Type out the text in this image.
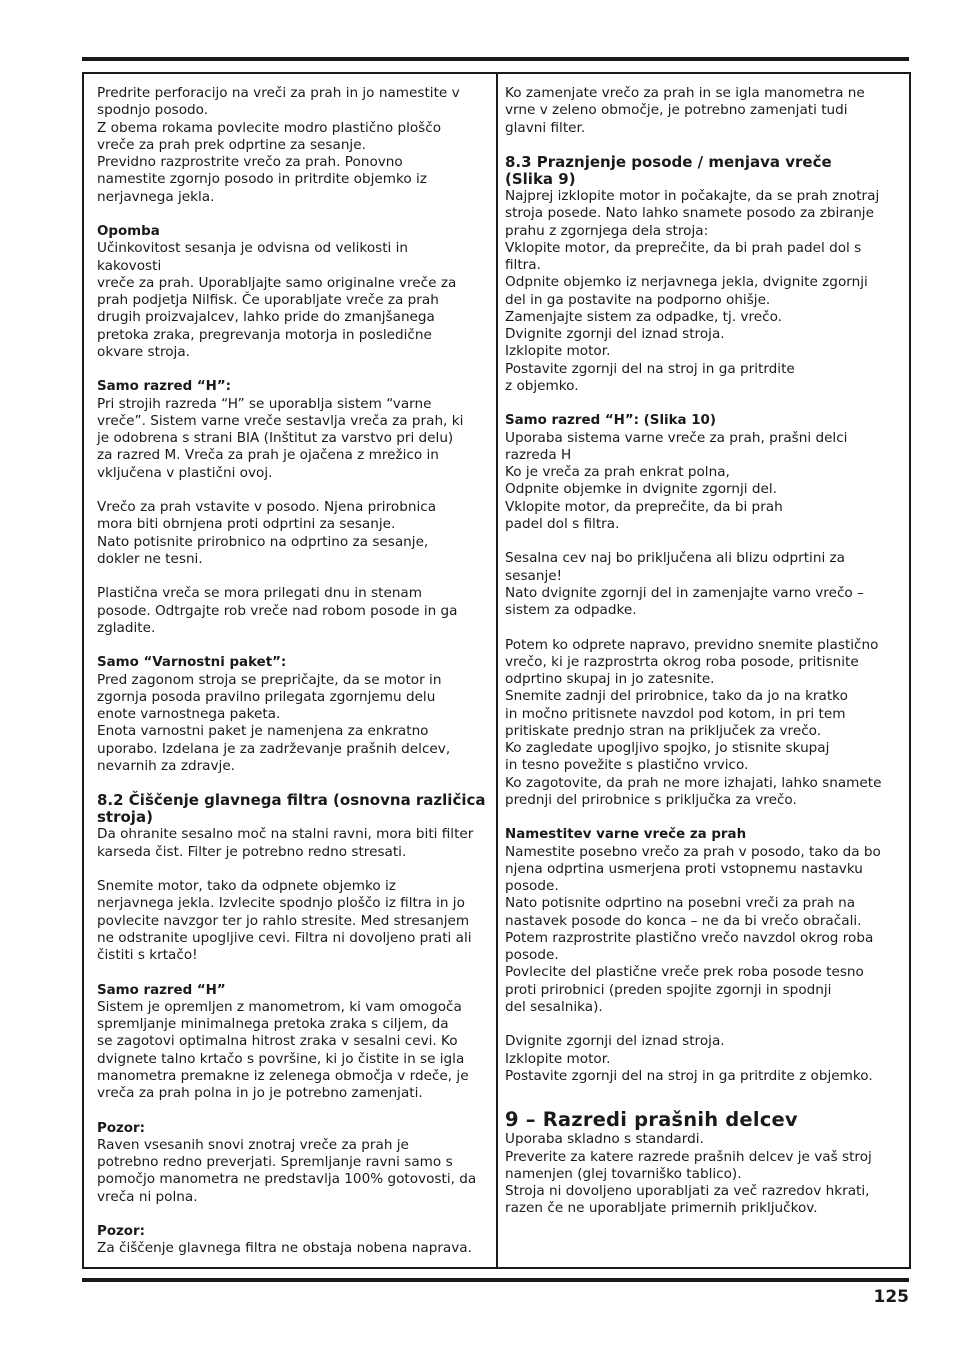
Predrite perforacijo na vreči za prah in jo namestite v
spodnjo posodo.
Z obema rokama povlecite modro plastično ploščo
vreče za prah prek odprtine za sesanje.
Previdno razprostrite vrečo za prah. Ponovno
namestite zgornjo posodo in pritrdite objemko iz
nerjavnega jekla.

Opomba

Učinkovitost sesanja je odvisna od velikosti in
kakovosti
vreče za prah. Uporabljajte samo originalne vreče za
prah podjetja Nilfisk. Če uporabljate vreče za prah
drugih proizvajalcev, lahko pride do zmanjšanega
pretoka zraka, pregrevanja motorja in posledične
okvare stroja.

Samo razred “H”:

Pri strojih razreda “H” se uporablja sistem “varne
vreče”. Sistem varne vreče sestavlja vreča za prah, ki
je odobrena s strani BIA (Inštitut za varstvo pri delu)
za razred M. Vreča za prah je ojačena z mrežico in
vključena v plastični ovoj.

Vrečo za prah vstavite v posodo. Njena prirobnica
mora biti obrnjena proti odprtini za sesanje.
Nato potisnite prirobnico na odprtino za sesanje,
dokler ne tesni.

Plastična vreča se mora prilegati dnu in stenam
posode. Odtrgajte rob vreče nad robom posode in ga
zgladite.

Samo “Varnostni paket”:

Pred zagonom stroja se prepričajte, da se motor in
zgornja posoda pravilno prilegata zgornjemu delu
enote varnostnega paketa.
Enota varnostni paket je namenjena za enkratno
uporabo. Izdelana je za zadrževanje prašnih delcev,
nevarnih za zdravje.

8.2 Čiščenje glavnega filtra (osnovna različica
stroja)

Da ohranite sesalno moč na stalni ravni, mora biti filter
karseda čist. Filter je potrebno redno stresati.

Snemite motor, tako da odpnete objemko iz
nerjavnega jekla. Izvlecite spodnjo ploščo iz filtra in jo
povlecite navzgor ter jo rahlo stresite. Med stresanjem
ne odstranite upogljive cevi. Filtra ni dovoljeno prati ali
čistiti s krtačo!

Samo razred “H”

Sistem je opremljen z manometrom, ki vam omogoča
spremljanje minimalnega pretoka zraka s ciljem, da
se zagotovi optimalna hitrost zraka v sesalni cevi. Ko
dvignete talno krtačo s površine, ki jo čistite in se igla
manometra premakne iz zelenega območja v rdeče, je
vreča za prah polna in jo je potrebno zamenjati.

Pozor:

Raven vsesanih snovi znotraj vreče za prah je
potrebno redno preverjati. Spremljanje ravni samo s
pomočjo manometra ne predstavlja 100% gotovosti, da
vreča ni polna.

Pozor:

Za čiščenje glavnega filtra ne obstaja nobena naprava.

Ko zamenjate vrečo za prah in se igla manometra ne
vrne v zeleno območje, je potrebno zamenjati tudi
glavni filter.

8.3 Praznjenje posode / menjava vreče
(Slika 9)

Najprej izklopite motor in počakajte, da se prah znotraj
stroja posede. Nato lahko snamete posodo za zbiranje
prahu z zgornjega dela stroja:
Vklopite motor, da preprečite, da bi prah padel dol s
filtra.
Odpnite objemko iz nerjavnega jekla, dvignite zgornji
del in ga postavite na podporno ohišje.
Zamenjajte sistem za odpadke, tj. vrečo.
Dvignite zgornji del iznad stroja.
Izklopite motor.
Postavite zgornji del na stroj in ga pritrdite
z objemko.

Samo razred “H”: (Slika 10)

Uporaba sistema varne vreče za prah, prašni delci
razreda H
Ko je vreča za prah enkrat polna,
Odpnite objemke in dvignite zgornji del.
Vklopite motor, da preprečite, da bi prah
padel dol s filtra.

Sesalna cev naj bo priključena ali blizu odprtini za
sesanje!
Nato dvignite zgornji del in zamenjajte varno vrečo –
sistem za odpadke.

Potem ko odprete napravo, previdno snemite plastično
vrečo, ki je razprostrta okrog roba posode, pritisnite
odprtino skupaj in jo zatesnite.
Snemite zadnji del prirobnice, tako da jo na kratko
in močno pritisnete navzdol pod kotom, in pri tem
pritiskate prednjo stran na priključek za vrečo.
Ko zagledate upogljivo spojko, jo stisnite skupaj
in tesno povežite s plastično vrvico.
Ko zagotovite, da prah ne more izhajati, lahko snamete
prednji del prirobnice s priključka za vrečo.

Namestitev varne vreče za prah

Namestite posebno vrečo za prah v posodo, tako da bo
njena odprtina usmerjena proti vstopnemu nastavku
posode.
Nato potisnite odprtino na posebni vreči za prah na
nastavek posode do konca – ne da bi vrečo obračali.
Potem razprostrite plastično vrečo navzdol okrog roba
posode.
Povlecite del plastične vreče prek roba posode tesno
proti prirobnici (preden spojite zgornji in spodnji
del sesalnika).

Dvignite zgornji del iznad stroja.
Izklopite motor.
Postavite zgornji del na stroj in ga pritrdite z objemko.

9 – Razredi prašnih delcev

Uporaba skladno s standardi.
Preverite za katere razrede prašnih delcev je vaš stroj
namenjen (glej tovarniško tablico).
Stroja ni dovoljeno uporabljati za več razredov hkrati,
razen če ne uporabljate primernih priključkov.

125
